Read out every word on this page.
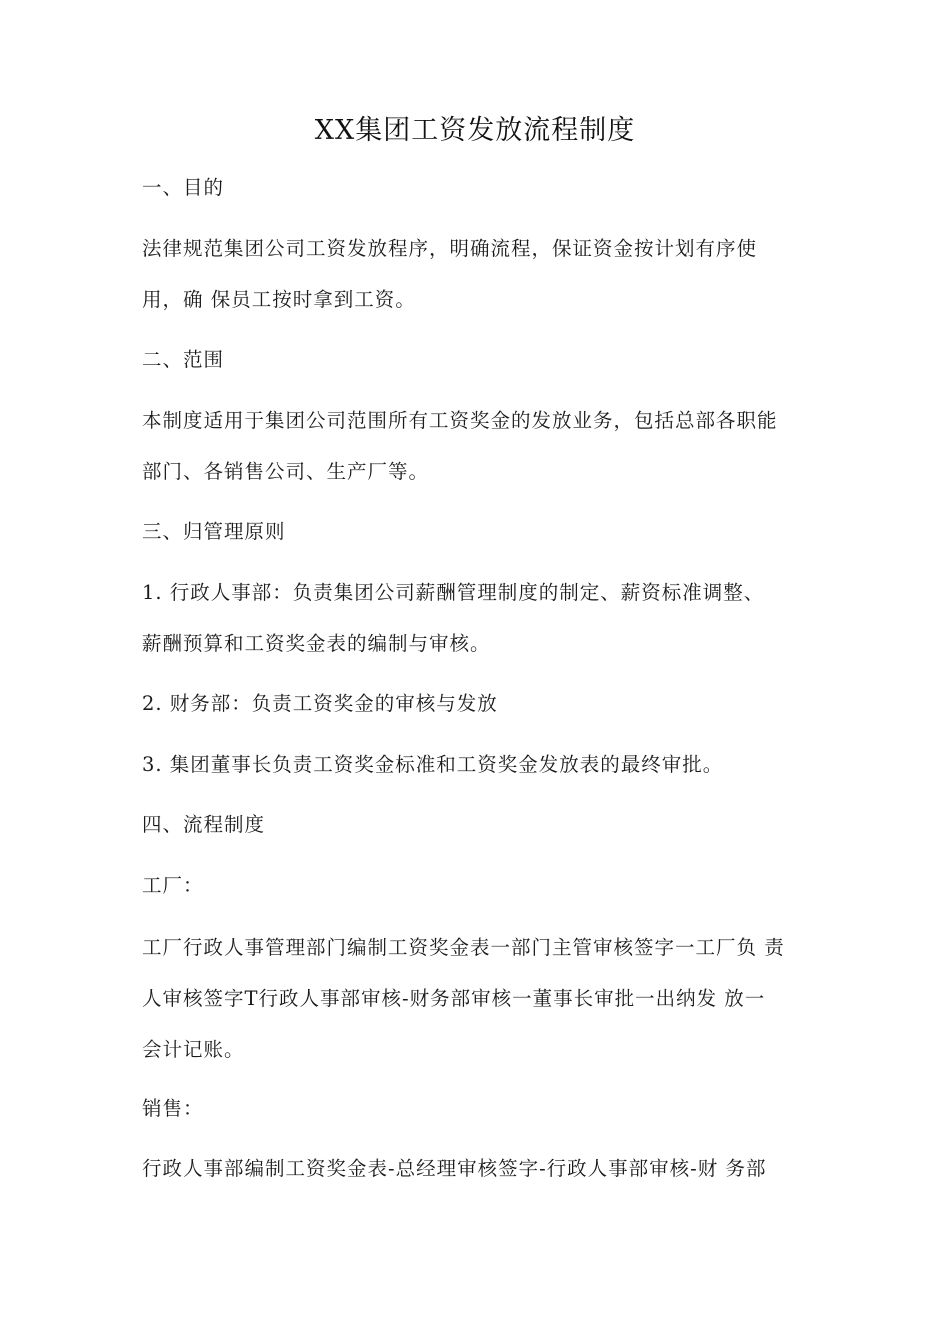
XX集团工资发放流程制度
一、目的
法律规范集团公司工资发放程序，明确流程，保证资金按计划有序使
用，确 保员工按时拿到工资。
二、范围
本制度适用于集团公司范围所有工资奖金的发放业务，包括总部各职能
部门、各销售公司、生产厂等。
三、归管理原则
1. 行政人事部：负责集团公司薪酬管理制度的制定、薪资标准调整、
薪酬预算和工资奖金表的编制与审核。
2. 财务部：负责工资奖金的审核与发放
3. 集团董事长负责工资奖金标准和工资奖金发放表的最终审批。
四、流程制度
工厂：
工厂行政人事管理部门编制工资奖金表一部门主管审核签字一工厂负 责
人审核签字T行政人事部审核-财务部审核一董事长审批一出纳发 放一
会计记账。
销售：
行政人事部编制工资奖金表-总经理审核签字-行政人事部审核-财 务部
